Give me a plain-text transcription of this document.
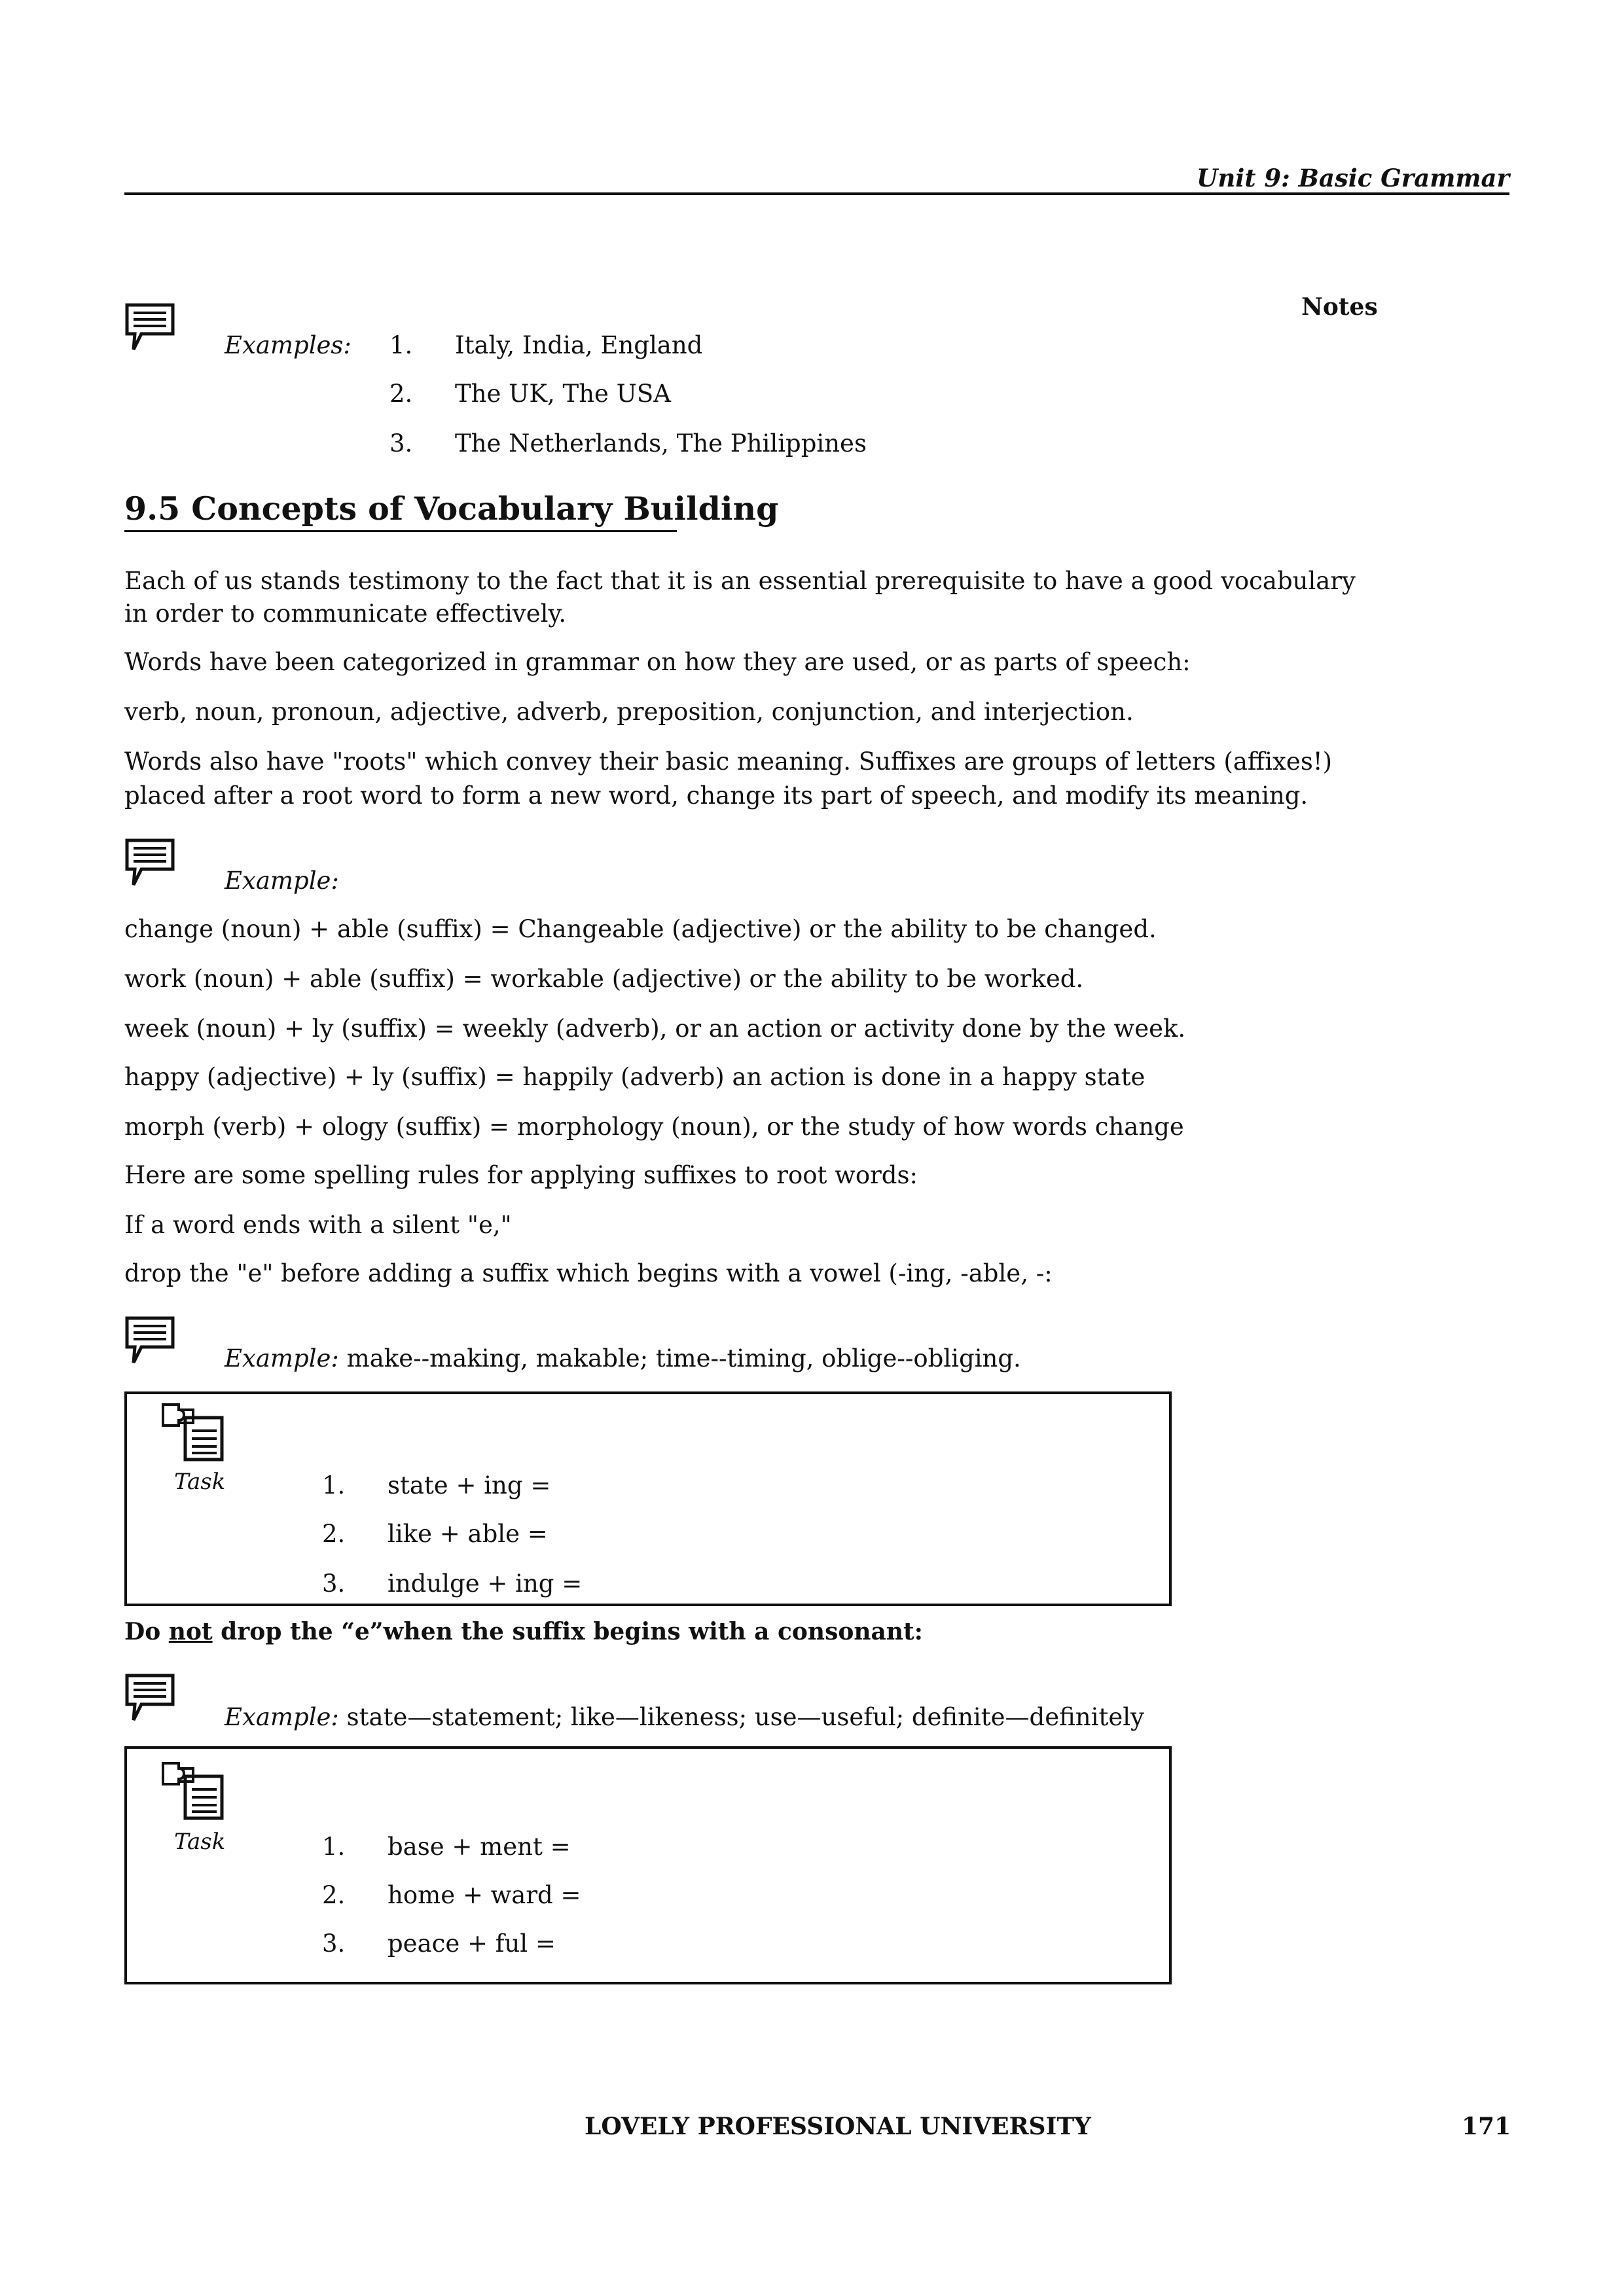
Unit 9: Basic Grammar
Notes
Examples: 1. Italy, India, England
2. The UK, The USA
3. The Netherlands, The Philippines
9.5 Concepts of Vocabulary Building
Each of us stands testimony to the fact that it is an essential prerequisite to have a good vocabulary
in order to communicate effectively.
Words have been categorized in grammar on how they are used, or as parts of speech:
verb, noun, pronoun, adjective, adverb, preposition, conjunction, and interjection.
Words also have "roots" which convey their basic meaning. Suffixes are groups of letters (affixes!)
placed after a root word to form a new word, change its part of speech, and modify its meaning.
Example:
change (noun) + able (suffix) = Changeable (adjective) or the ability to be changed.
work (noun) + able (suffix) = workable (adjective) or the ability to be worked.
week (noun) + ly (suffix) = weekly (adverb), or an action or activity done by the week.
happy (adjective) + ly (suffix) = happily (adverb) an action is done in a happy state
morph (verb) + ology (suffix) = morphology (noun), or the study of how words change
Here are some spelling rules for applying suffixes to root words:
If a word ends with a silent "e,"
drop the "e" before adding a suffix which begins with a vowel (-ing, -able, -:
Example: make--making, makable; time--timing, oblige--obliging.
Task	1. state + ing =
2. like + able =
3. indulge + ing =
Do not drop the “e”when the suffix begins with a consonant:
Example: state—statement; like—likeness; use—useful; definite—definitely
Task	1. base + ment =
2. home + ward =
3. peace + ful =
LOVELY PROFESSIONAL UNIVERSITY	171
